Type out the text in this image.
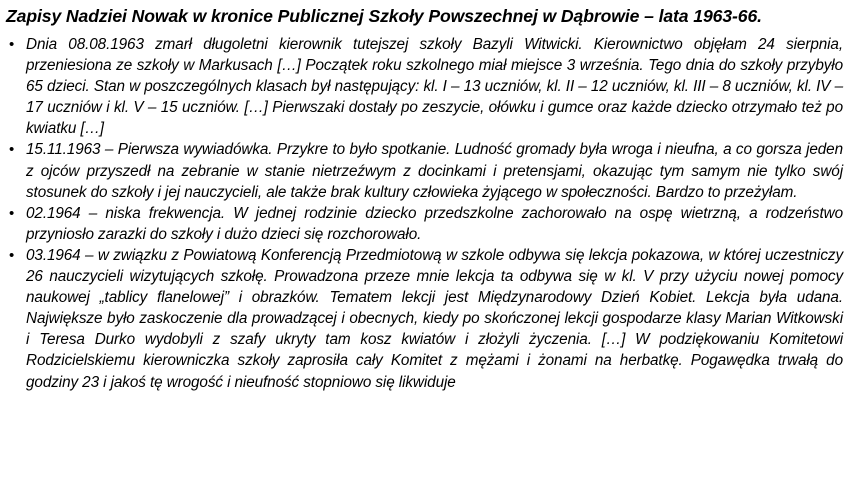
Zapisy Nadziei Nowak w kronice Publicznej Szkoły Powszechnej w Dąbrowie – lata 1963-66.
• Dnia 08.08.1963 zmarł długoletni kierownik tutejszej szkoły Bazyli Witwicki. Kierownictwo objęłam 24 sierpnia, przeniesiona ze szkoły w Markusach […] Początek roku szkolnego miał miejsce 3 września. Tego dnia do szkoły przybyło 65 dzieci. Stan w poszczególnych klasach był następujący: kl. I – 13 uczniów, kl. II – 12 uczniów, kl. III – 8 uczniów, kl. IV – 17 uczniów i kl. V – 15 uczniów. […] Pierwszaki dostały po zeszycie, ołówku i gumce oraz każde dziecko otrzymało też po kwiatku […]
• 15.11.1963 – Pierwsza wywiadówka. Przykre to było spotkanie. Ludność gromady była wroga i nieufna, a co gorsza jeden z ojców przyszedł na zebranie w stanie nietrzeźwym z docinkami i pretensjami, okazując tym samym nie tylko swój stosunek do szkoły i jej nauczycieli, ale także brak kultury człowieka żyjącego w społeczności. Bardzo to przeżyłam.
• 02.1964 – niska frekwencja. W jednej rodzinie dziecko przedszkolne zachorowało na ospę wietrzną, a rodzeństwo przyniosło zarazki do szkoły i dużo dzieci się rozchorowało.
• 03.1964 – w związku z Powiatową Konferencją Przedmiotową w szkole odbywa się lekcja pokazowa, w której uczestniczy 26 nauczycieli wizytujących szkołę. Prowadzona przeze mnie lekcja ta odbywa się w kl. V przy użyciu nowej pomocy naukowej „tablicy flanelowej” i obrazków. Tematem lekcji jest Międzynarodowy Dzień Kobiet. Lekcja była udana. Największe było zaskoczenie dla prowadzącej i obecnych, kiedy po skończonej lekcji gospodarze klasy Marian Witkowski i Teresa Durko wydobyli z szafy ukryty tam kosz kwiatów i złożyli życzenia. […] W podziękowaniu Komitetowi Rodzicielskiemu kierowniczka szkoły zaprosiła cały Komitet z mężami i żonami na herbatkę. Pogawędka trwałą do godziny 23 i jakoś tę wrogość i nieufność stopniowo się likwiduje
